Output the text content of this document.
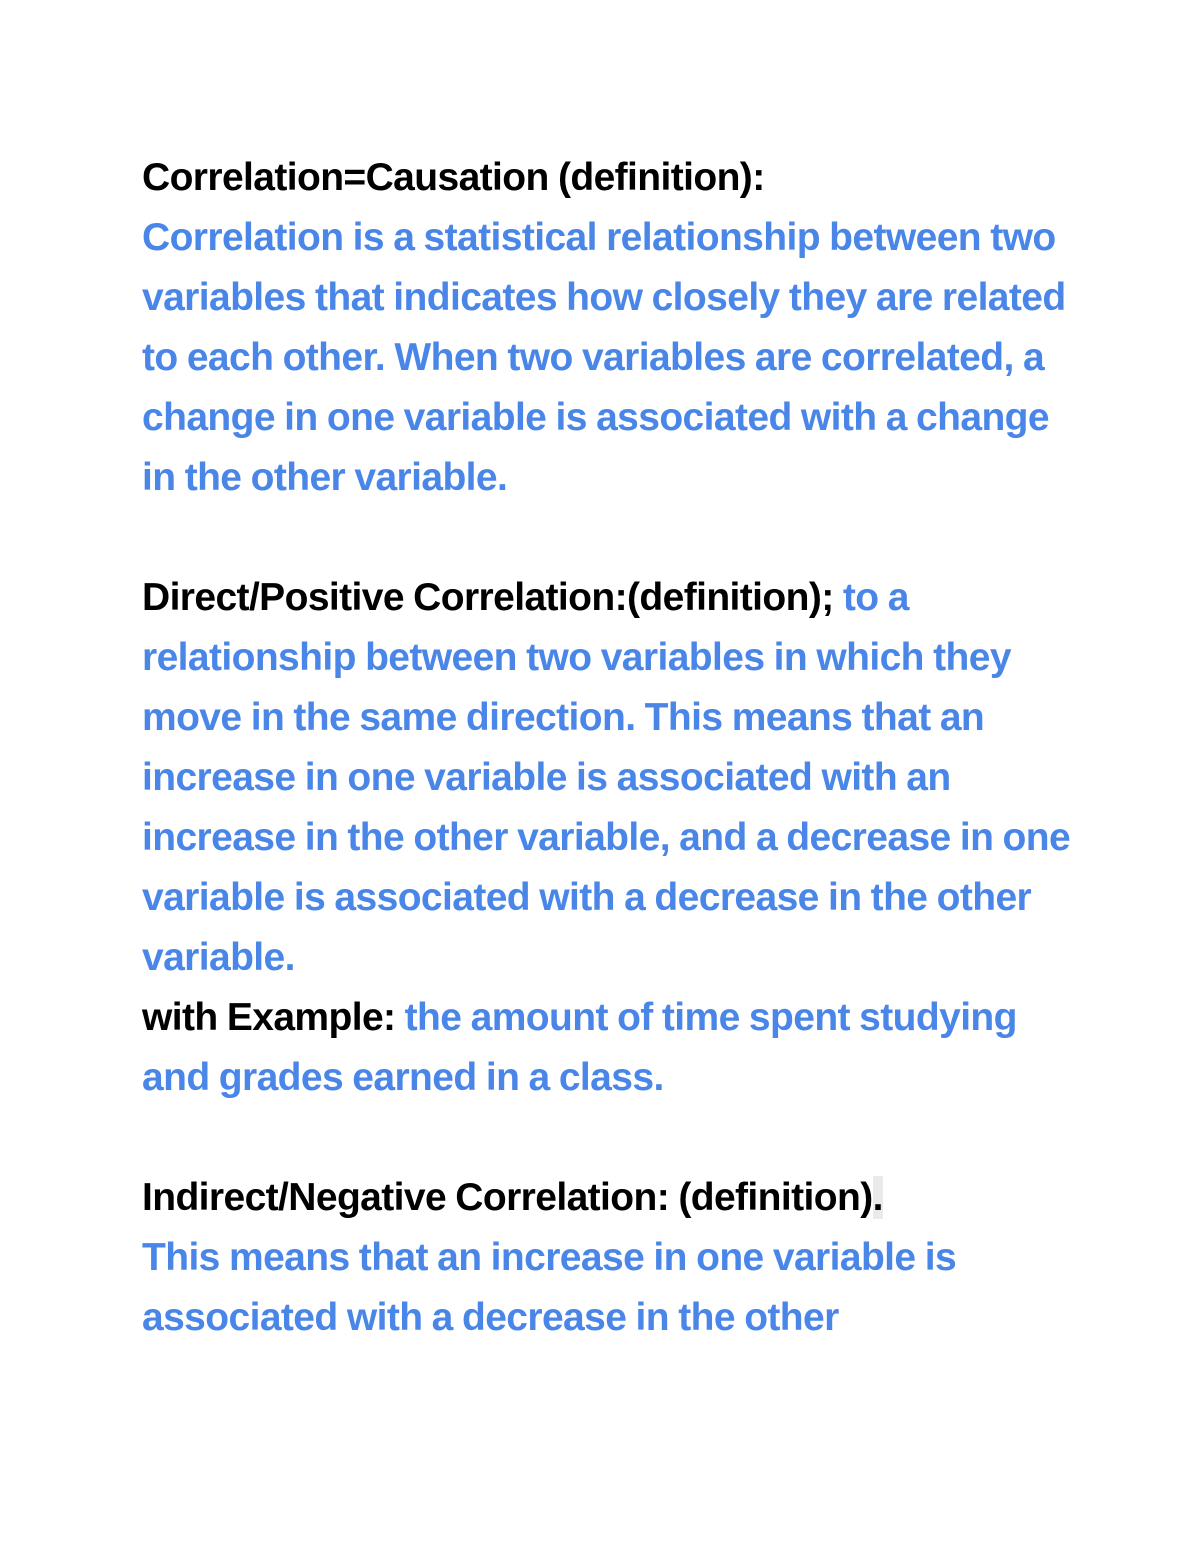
Correlation=Causation (definition):
Correlation is a statistical relationship between two variables that indicates how closely they are related to each other. When two variables are correlated, a change in one variable is associated with a change in the other variable.

Direct/Positive Correlation:(definition); to a relationship between two variables in which they move in the same direction. This means that an increase in one variable is associated with an increase in the other variable, and a decrease in one variable is associated with a decrease in the other variable.
with Example: the amount of time spent studying and grades earned in a class.

Indirect/Negative Correlation: (definition).
This means that an increase in one variable is associated with a decrease in the other
